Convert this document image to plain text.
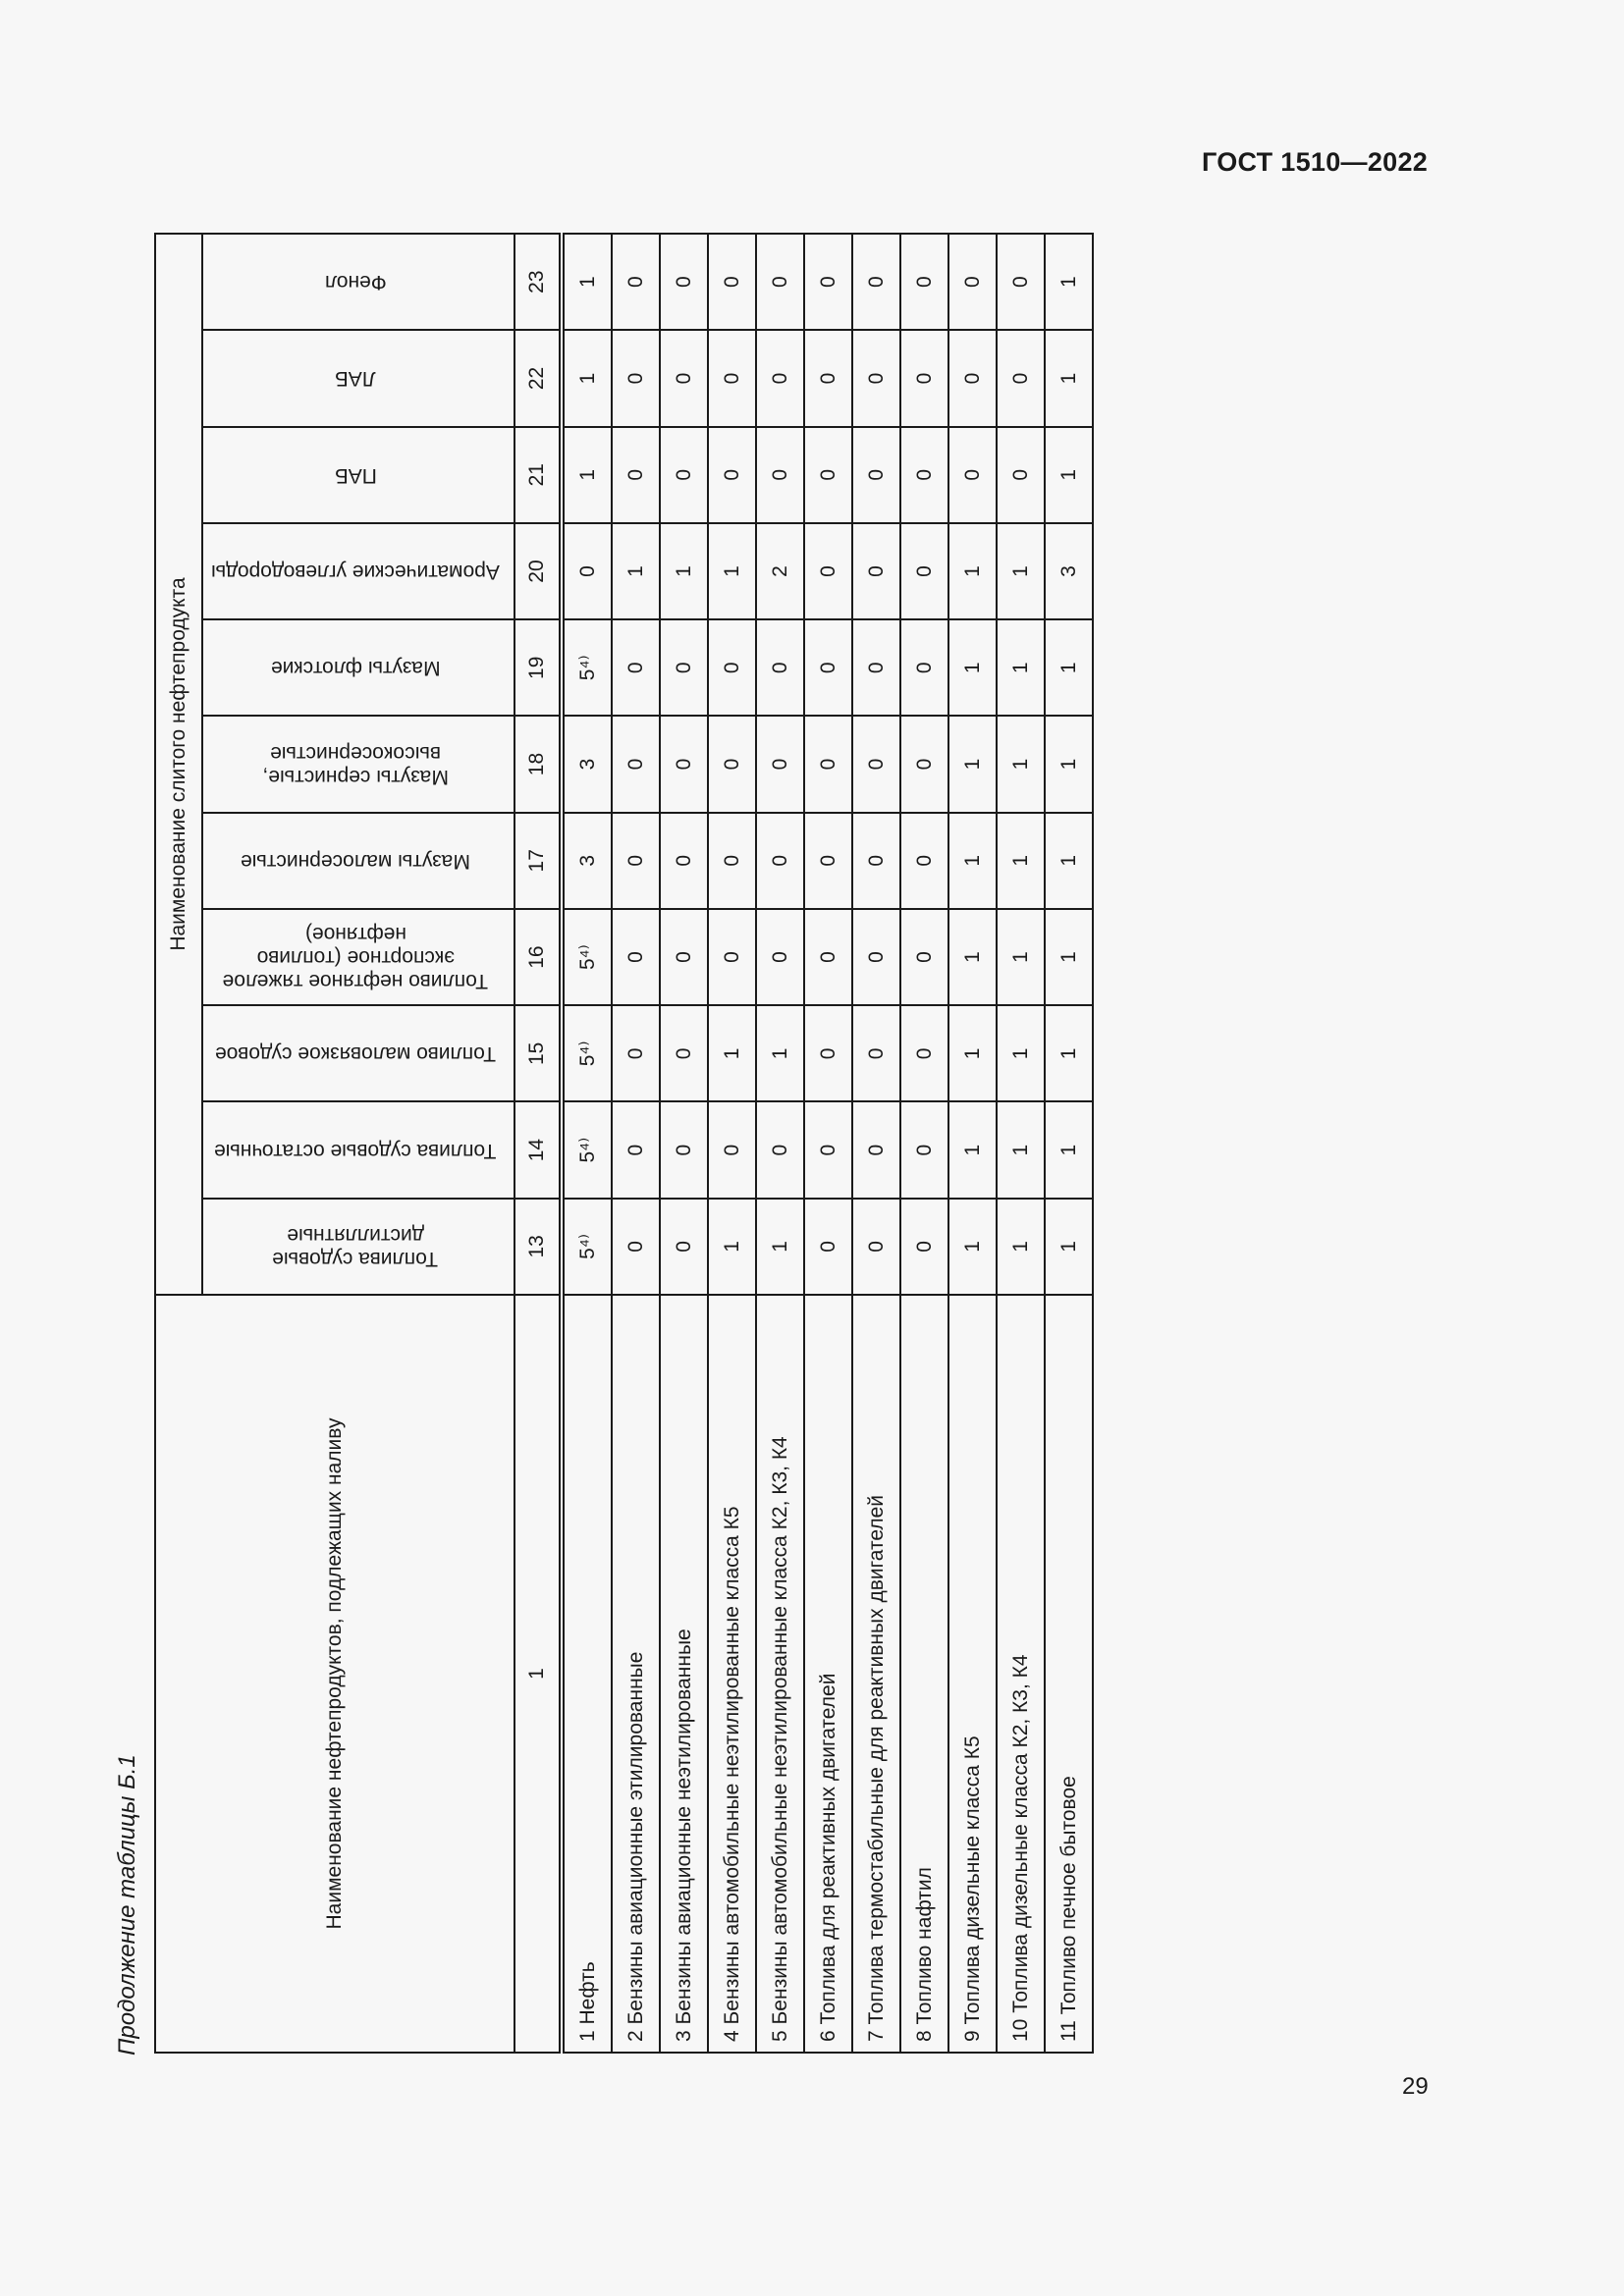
ГОСТ 1510—2022
Продолжение таблицы Б.1	Наименование нефтепродуктов, подлежащих наливу	Наименование слитого нефтепродукта										
	Топлива судовые дистиллятные	Топлива судовые остаточные	Топливо маловязкое судовое	Топливо нефтяное тяжелое экспортное (топливо нефтяное)	Мазуты малосернистые	Мазуты сернистые, высокосернистые	Мазуты флотские	Ароматические углеводороды	ПАБ	ЛАБ	Фенол
1	13	14	15	16	17	18	19	20	21	22	23
1 Нефть	5⁴⁾	5⁴⁾	5⁴⁾	5⁴⁾	3	3	5⁴⁾	0	1	1	1
2 Бензины авиационные этилированные	0	0	0	0	0	0	0	1	0	0	0
3 Бензины авиационные неэтилированные	0	0	0	0	0	0	0	1	0	0	0
4 Бензины автомобильные неэтилированные класса К5	1	0	1	0	0	0	0	1	0	0	0
5 Бензины автомобильные неэтилированные класса К2, К3, К4	1	0	1	0	0	0	0	2	0	0	0
6 Топлива для реактивных двигателей	0	0	0	0	0	0	0	0	0	0	0
7 Топлива термостабильные для реактивных двигателей	0	0	0	0	0	0	0	0	0	0	0
8 Топливо нафтил	0	0	0	0	0	0	0	0	0	0	0
9 Топлива дизельные класса К5	1	1	1	1	1	1	1	1	0	0	0
10 Топлива дизельные класса К2, К3, К4	1	1	1	1	1	1	1	1	0	0	0
11 Топливо печное бытовое	1	1	1	1	1	1	1	3	1	1	1
29
